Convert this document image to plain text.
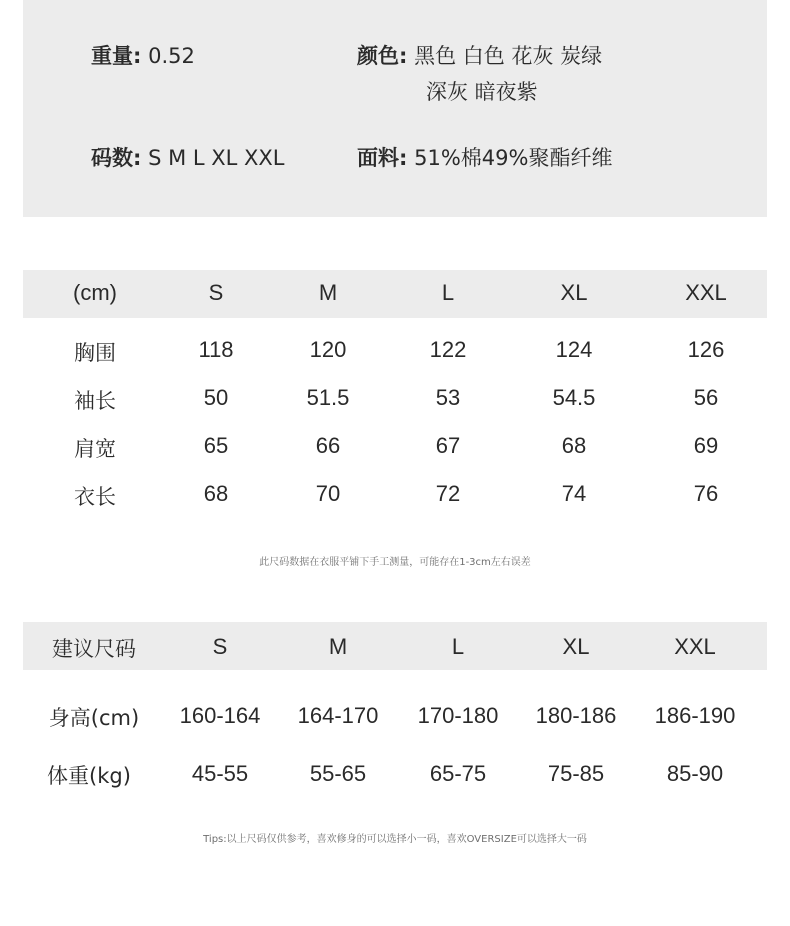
重量: 0.52	颜色: 黑色 白色 花灰 炭绿
深灰 暗夜紫
码数: S M L XL XXL	面料: 51%棉49%聚酯纤维
(cm)	S	M	L	XL	XXL
胸围	118	120	122	124	126
袖长	50	51.5	53	54.5	56
肩宽	65	66	67	68	69
衣长	68	70	72	74	76
此尺码数据在衣服平铺下手工测量，可能存在1-3cm左右误差
建议尺码	S	M	L	XL	XXL
身高(cm) 160-164 164-170 170-180 180-186 186-190
体重(kg)	45-55	55-65	65-75	75-85	85-90
Tips:以上尺码仅供参考，喜欢修身的可以选择小一码，喜欢OVERSIZE可以选择大一码
